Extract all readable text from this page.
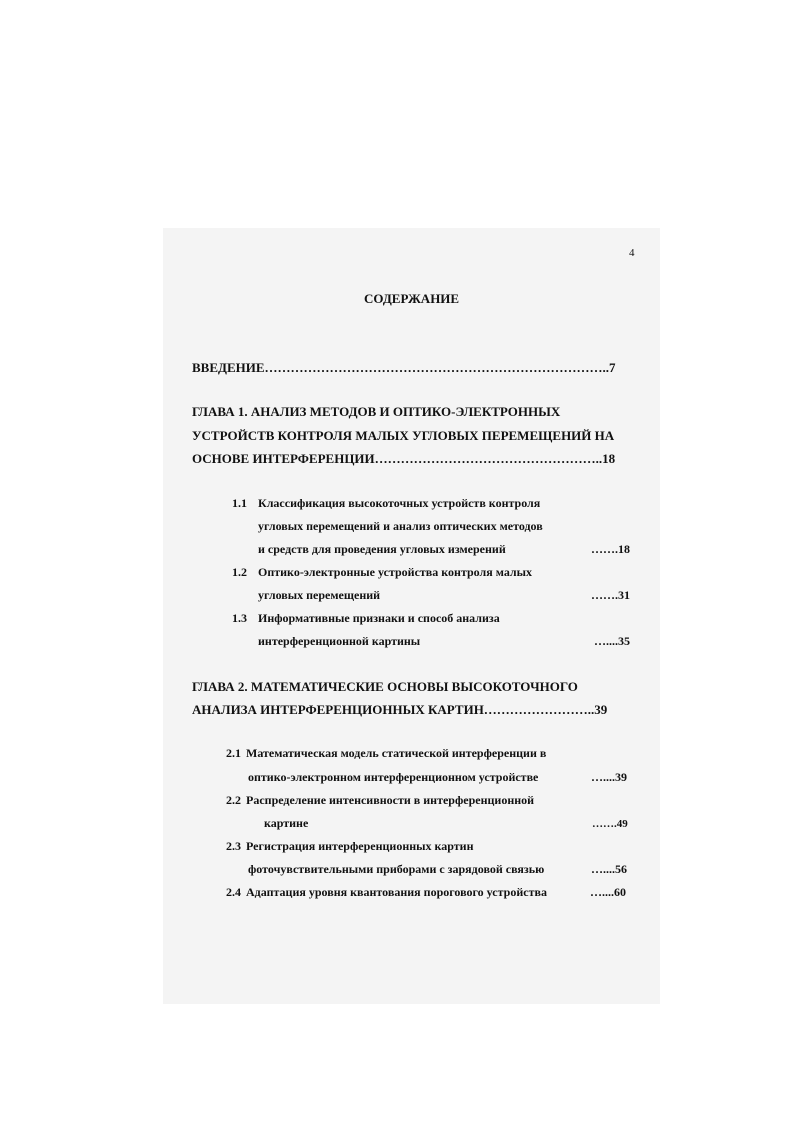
4
СОДЕРЖАНИЕ
ВВЕДЕНИЕ……………………………………………………………………..7
ГЛАВА 1. АНАЛИЗ МЕТОДОВ И ОПТИКО-ЭЛЕКТРОННЫХ
УСТРОЙСТВ КОНТРОЛЯ МАЛЫХ УГЛОВЫХ ПЕРЕМЕЩЕНИЙ НА
ОСНОВЕ ИНТЕРФЕРЕНЦИИ……………………………………………..18
1.1 Классификация высокоточных устройств контроля
угловых перемещений и анализ оптических методов
и средств для проведения угловых измерений	…….18
1.2 Оптико-электронные устройства контроля малых
угловых перемещений	…….31
1.3 Информативные признаки и способ анализа
интерференционной картины	…....35
ГЛАВА 2. МАТЕМАТИЧЕСКИЕ ОСНОВЫ ВЫСОКОТОЧНОГО
АНАЛИЗА ИНТЕРФЕРЕНЦИОННЫХ КАРТИН……………………..39
2.1 Математическая модель статической интерференции в
оптико-электронном интерференционном устройстве	…....39
2.2 Распределение интенсивности в интерференционной
картине	…….49
2.3 Регистрация интерференционных картин
фоточувствительными приборами с зарядовой связью	…....56
2.4 Адаптация уровня квантования порогового устройства	…....60
